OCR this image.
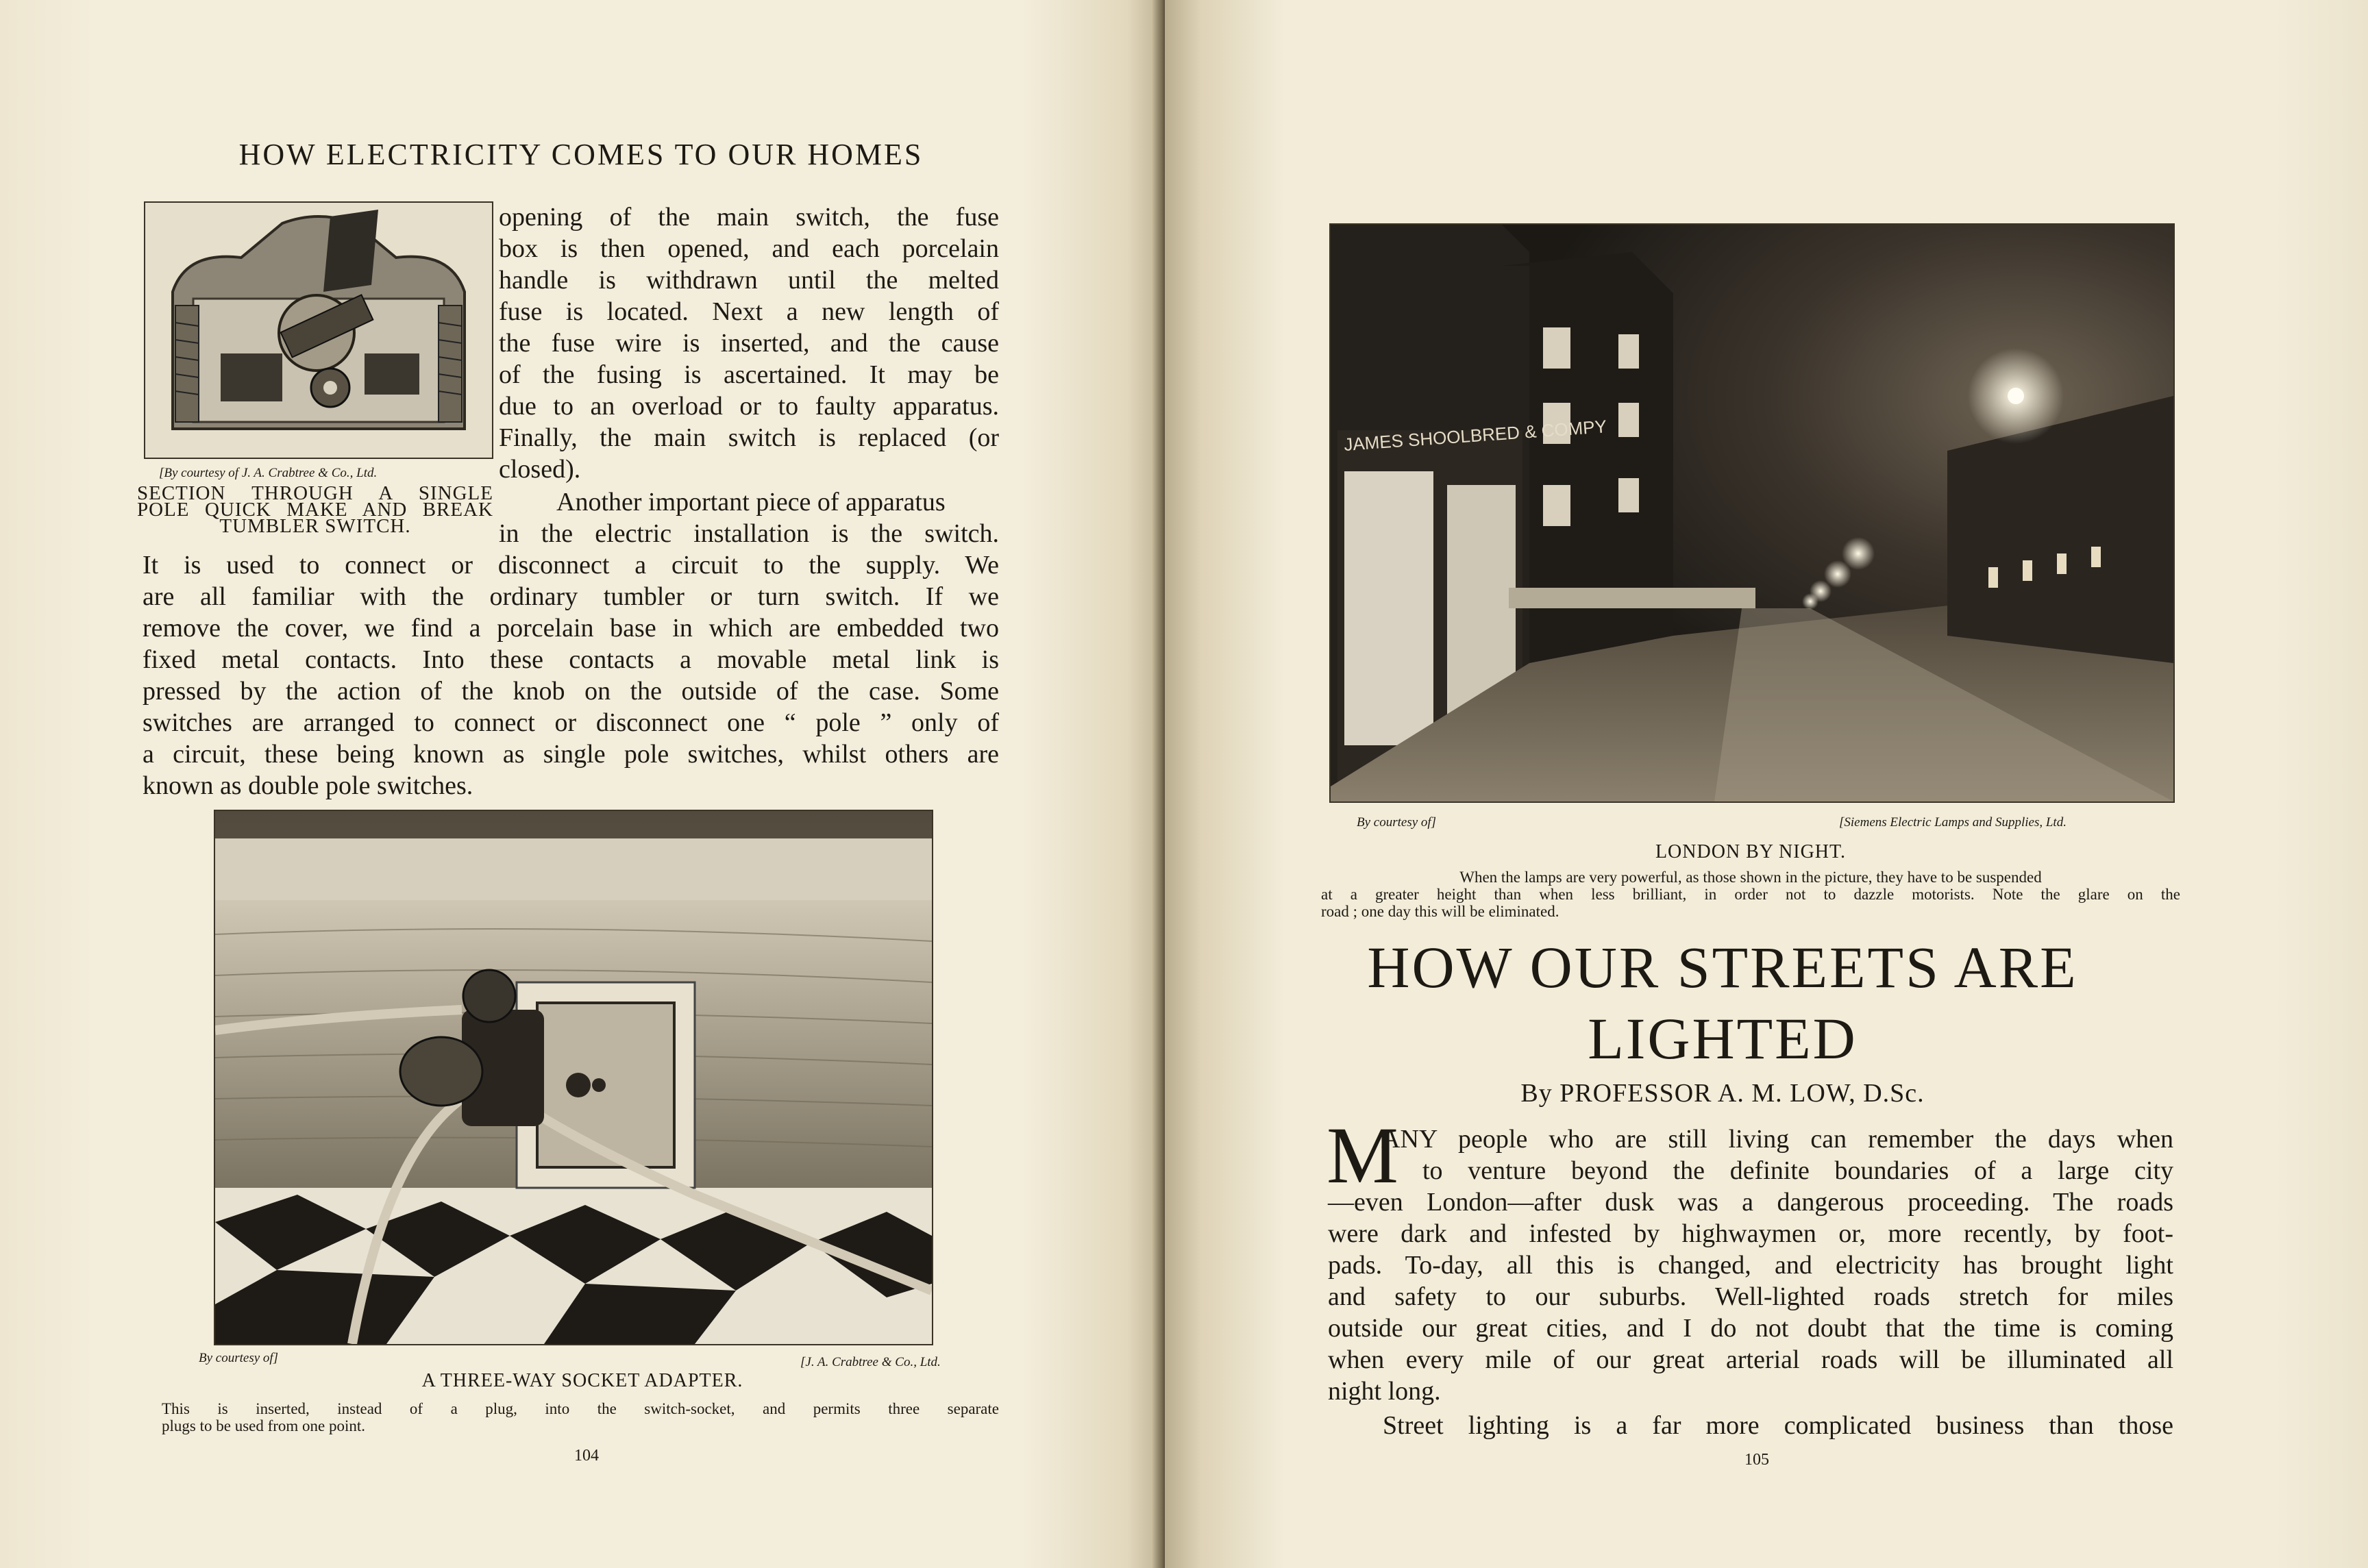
HOW ELECTRICITY COMES TO OUR HOMES
[By courtesy of J. A. Crabtree & Co., Ltd.
SECTION THROUGH A SINGLE
POLE QUICK MAKE AND BREAK
TUMBLER SWITCH.
opening of the main switch, the fuse
box is then opened, and each porcelain
handle is withdrawn until the melted
fuse is located. Next a new length of
the fuse wire is inserted, and the cause
of the fusing is ascertained. It may be
due to an overload or to faulty apparatus.
Finally, the main switch is replaced (or
closed).
Another important piece of apparatus
in the electric installation is the switch.
It is used to connect or disconnect a circuit to the supply. We
are all familiar with the ordinary tumbler or turn switch. If we
remove the cover, we find a porcelain base in which are embedded two
fixed metal contacts. Into these contacts a movable metal link is
pressed by the action of the knob on the outside of the case. Some
switches are arranged to connect or disconnect one “ pole ” only of
a circuit, these being known as single pole switches, whilst others are
known as double pole switches.
By courtesy of]	[J. A. Crabtree & Co., Ltd.
A THREE-WAY SOCKET ADAPTER.
This is inserted, instead of a plug, into the switch-socket, and permits three separate
plugs to be used from one point.
104
JAMES SHOOLBRED & COMPY
By courtesy of]	[Siemens Electric Lamps and Supplies, Ltd.
LONDON BY NIGHT.
When the lamps are very powerful, as those shown in the picture, they have to be suspended
at a greater height than when less brilliant, in order not to dazzle motorists. Note the glare on the
road ; one day this will be eliminated.
HOW OUR STREETS ARE
LIGHTED
By PROFESSOR A. M. LOW, D.Sc.
M
ANY people who are still living can remember the days when
to venture beyond the definite boundaries of a large city
—even London—after dusk was a dangerous proceeding. The roads
were dark and infested by highwaymen or, more recently, by foot-
pads. To-day, all this is changed, and electricity has brought light
and safety to our suburbs. Well-lighted roads stretch for miles
outside our great cities, and I do not doubt that the time is coming
when every mile of our great arterial roads will be illuminated all
night long.
Street lighting is a far more complicated business than those
105
